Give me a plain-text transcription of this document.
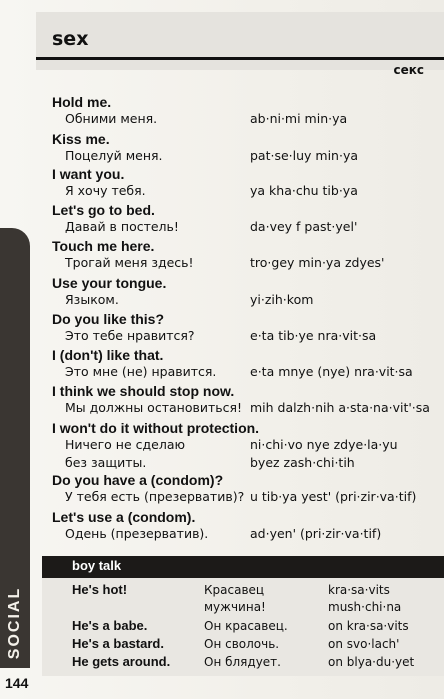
sex
секс
Hold me.
Обними меня.	ab·ni·mi min·ya
Kiss me.
Поцелуй меня.	pat·se·luy min·ya
I want you.
Я хочу тебя.	ya kha·chu tib·ya
Let's go to bed.
Давай в постель!	da·vey f past·yel'
Touch me here.
Трогай меня здесь!	tro·gey min·ya zdyes'
Use your tongue.
Языком.	yi·zih·kom
Do you like this?
Это тебе нравится?	e·ta tib·ye nra·vit·sa
I (don't) like that.
Это мне (не) нравится.	e·ta mnye (nye) nra·vit·sa
I think we should stop now.
Мы должны остановиться! mih dalzh·nih a·sta·na·vit'·sa
I won't do it without protection.
Ничего не сделаю	ni·chi·vo nye zdye·la·yu
без защиты.	byez zash·chi·tih
Do you have a (condom)?
У тебя есть (презерватив)? u tib·ya yest' (pri·zir·va·tif)
Let's use a (condom).
Одень (презерватив).	ad·yen' (pri·zir·va·tif)
SOCIAL
144
boy talk
He's hot!	Красавец	kra·sa·vits
мужчина!	mush·chi·na
He's a babe.	Он красавец.	on kra·sa·vits
He's a bastard.	Он сволочь.	on svo·lach'
He gets around.	Он блядует.	on blya·du·yet
